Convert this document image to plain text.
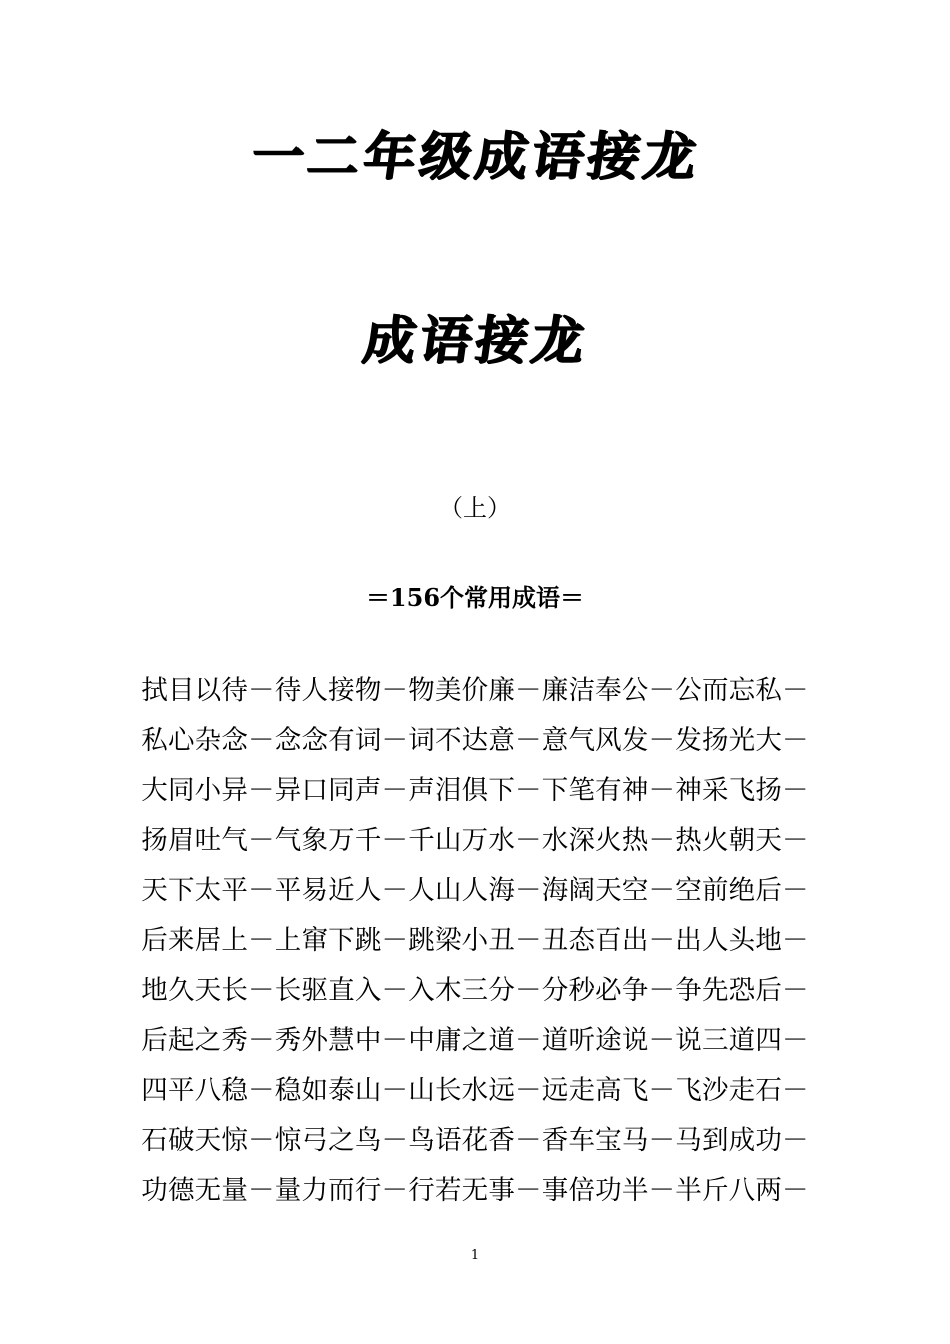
一二年级成语接龙
成语接龙
（上）
＝156个常用成语＝
拭目以待－待人接物－物美价廉－廉洁奉公－公而忘私－
私心杂念－念念有词－词不达意－意气风发－发扬光大－
大同小异－异口同声－声泪俱下－下笔有神－神采飞扬－
扬眉吐气－气象万千－千山万水－水深火热－热火朝天－
天下太平－平易近人－人山人海－海阔天空－空前绝后－
后来居上－上窜下跳－跳梁小丑－丑态百出－出人头地－
地久天长－长驱直入－入木三分－分秒必争－争先恐后－
后起之秀－秀外慧中－中庸之道－道听途说－说三道四－
四平八稳－稳如泰山－山长水远－远走高飞－飞沙走石－
石破天惊－惊弓之鸟－鸟语花香－香车宝马－马到成功－
功德无量－量力而行－行若无事－事倍功半－半斤八两－
1
